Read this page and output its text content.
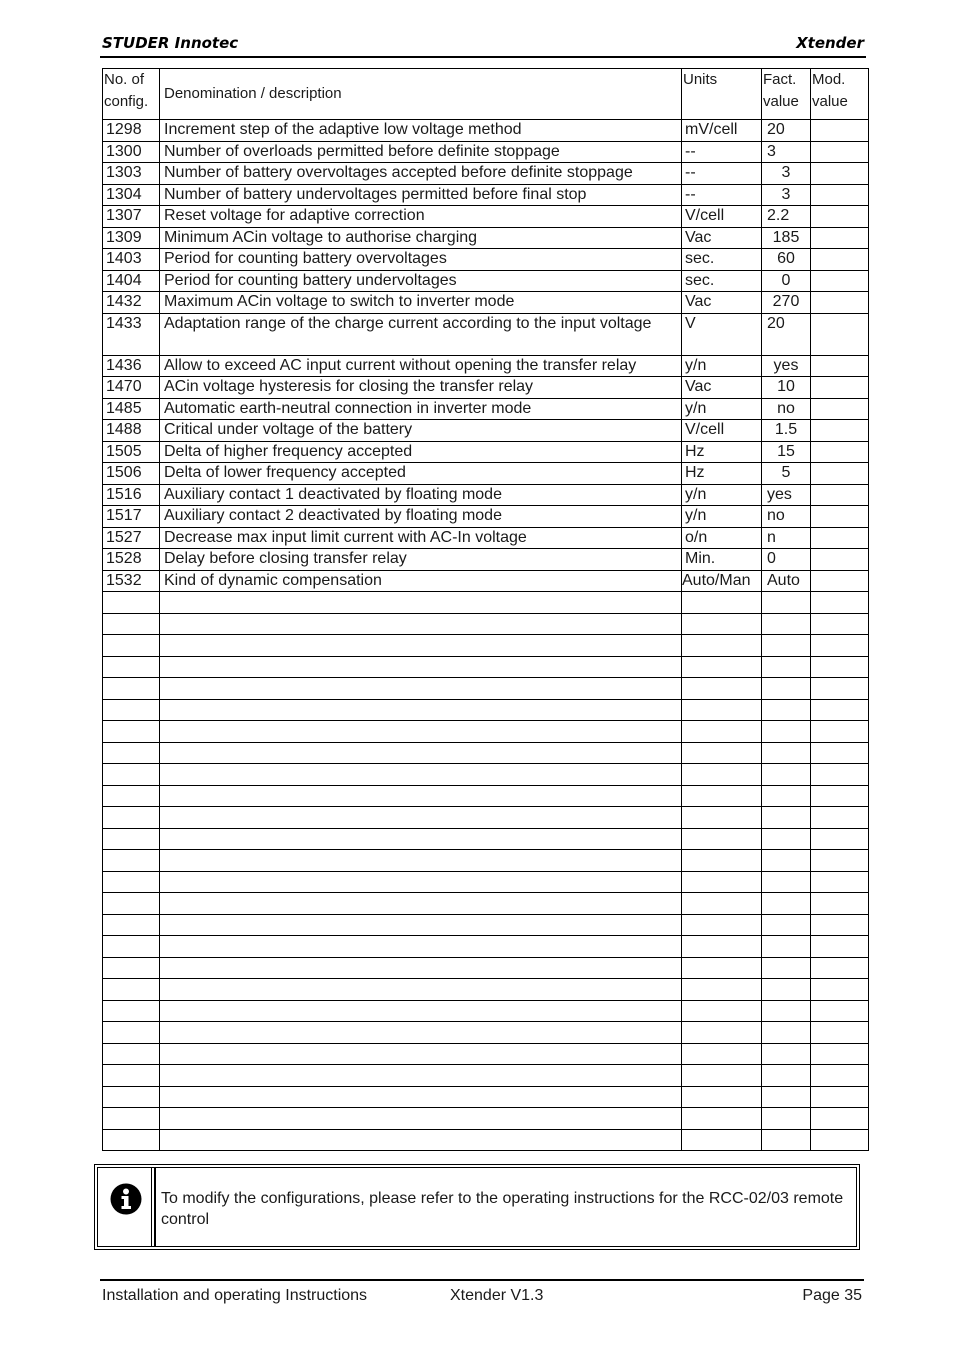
STUDER Innotec	Xtender
No. of config.	Denomination / description	Units	Fact. value	Mod. value
1298	Increment step of the adaptive low voltage method	mV/cell	20	
1300	Number of overloads permitted before definite stoppage	--	3	
1303	Number of battery overvoltages accepted before definite stoppage	--	3	
1304	Number of battery undervoltages permitted before final stop	--	3	
1307	Reset voltage for adaptive correction	V/cell	2.2	
1309	Minimum ACin voltage to authorise charging	Vac	185	
1403	Period for counting battery overvoltages	sec.	60	
1404	Period for counting battery undervoltages	sec.	0	
1432	Maximum ACin voltage to switch to inverter mode	Vac	270	
1433	Adaptation range of the charge current according to the input voltage	V	20	
1436	Allow to exceed AC input current without opening the transfer relay	y/n	yes	
1470	ACin voltage hysteresis for closing the transfer relay	Vac	10	
1485	Automatic earth-neutral connection in inverter mode	y/n	no	
1488	Critical under voltage of the battery	V/cell	1.5	
1505	Delta of higher frequency accepted	Hz	15	
1506	Delta of lower frequency accepted	Hz	5	
1516	Auxiliary contact 1 deactivated by floating mode	y/n	yes	
1517	Auxiliary contact 2 deactivated by floating mode	y/n	no	
1527	Decrease max input limit current with AC-In voltage	o/n	n	
1528	Delay before closing transfer relay	Min.	0	
1532	Kind of dynamic compensation	Auto/Man	Auto	

To modify the configurations, please refer to the operating instructions for the RCC-02/03 remote control
Installation and operating Instructions	Xtender V1.3	Page 35
